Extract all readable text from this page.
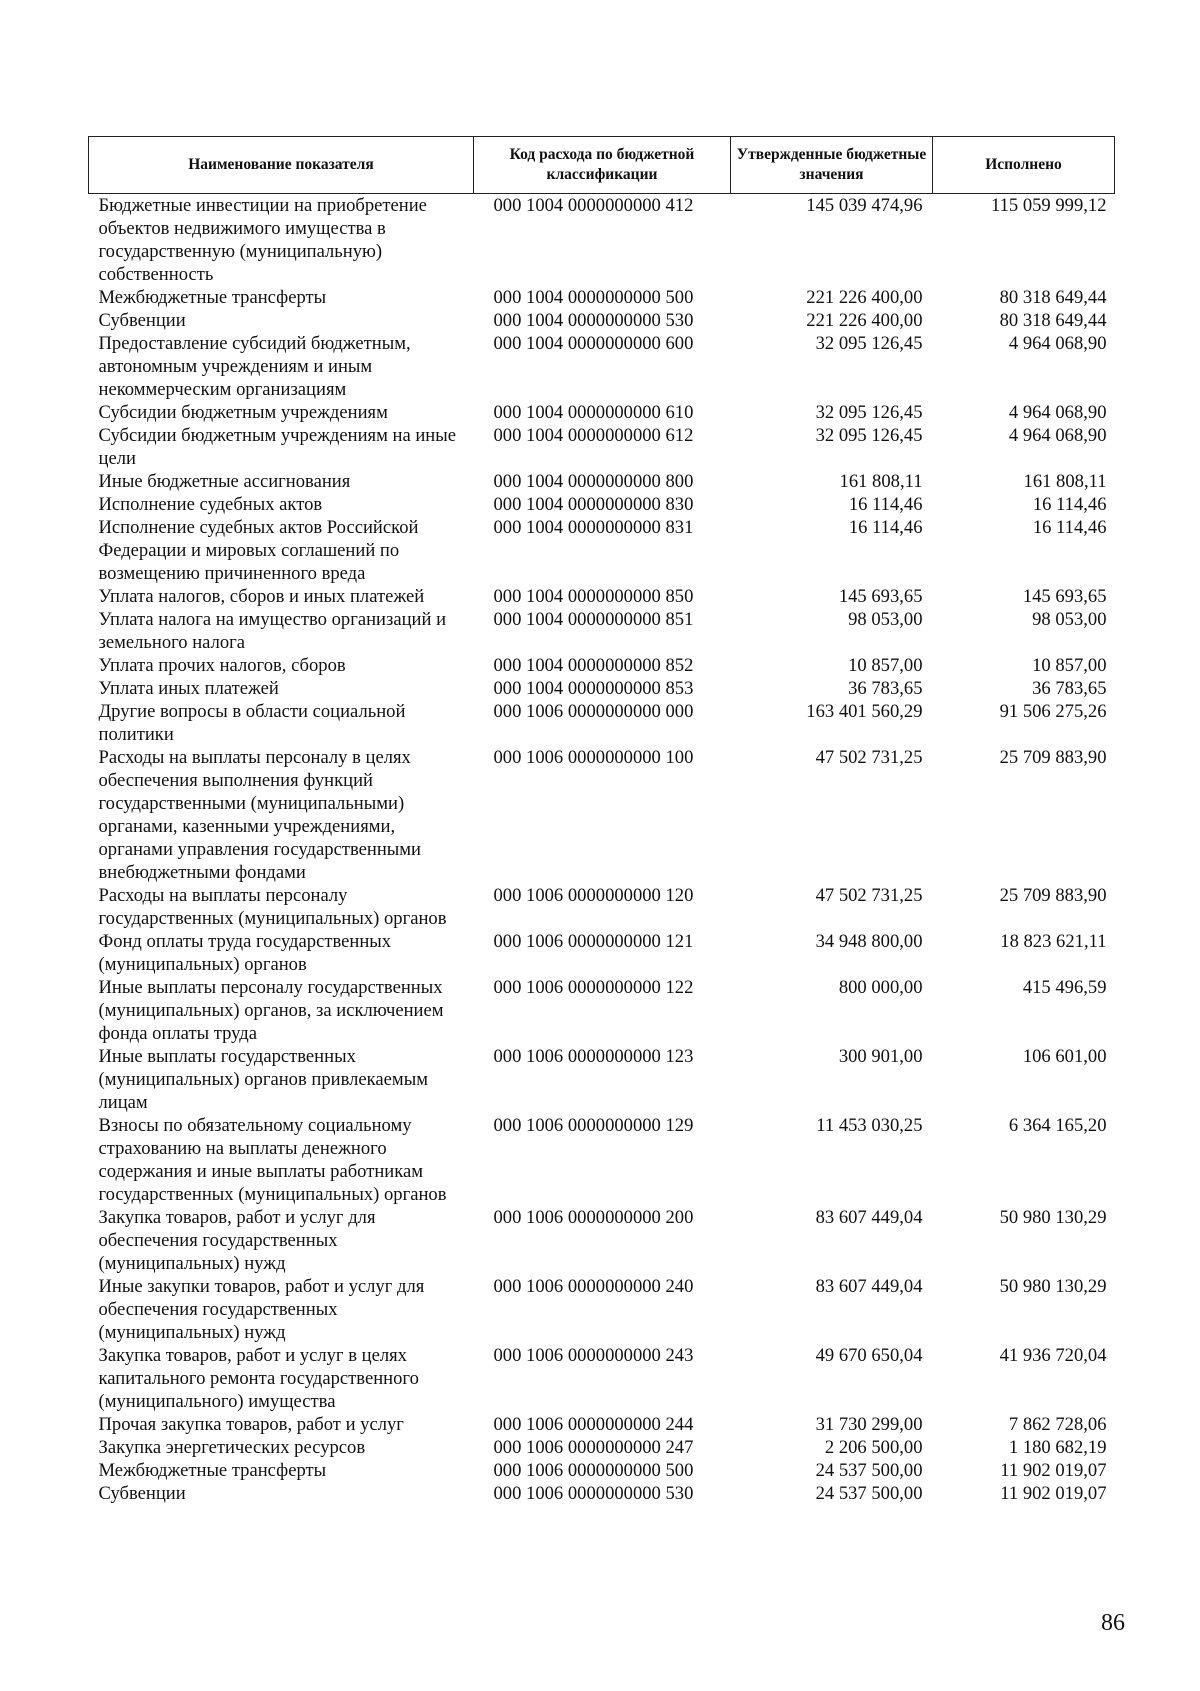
Наименование показателя	Код расхода по бюджетной классификации	Утвержденные бюджетные значения	Исполнено
Бюджетные инвестиции на приобретение объектов недвижимого имущества в государственную (муниципальную) собственность	000 1004 0000000000 412	145 039 474,96	115 059 999,12
Межбюджетные трансферты	000 1004 0000000000 500	221 226 400,00	80 318 649,44
Субвенции	000 1004 0000000000 530	221 226 400,00	80 318 649,44
Предоставление субсидий бюджетным, автономным учреждениям и иным некоммерческим организациям	000 1004 0000000000 600	32 095 126,45	4 964 068,90
Субсидии бюджетным учреждениям	000 1004 0000000000 610	32 095 126,45	4 964 068,90
Субсидии бюджетным учреждениям на иные цели	000 1004 0000000000 612	32 095 126,45	4 964 068,90
Иные бюджетные ассигнования	000 1004 0000000000 800	161 808,11	161 808,11
Исполнение судебных актов	000 1004 0000000000 830	16 114,46	16 114,46
Исполнение судебных актов Российской Федерации и мировых соглашений по возмещению причиненного вреда	000 1004 0000000000 831	16 114,46	16 114,46
Уплата налогов, сборов и иных платежей	000 1004 0000000000 850	145 693,65	145 693,65
Уплата налога на имущество организаций и земельного налога	000 1004 0000000000 851	98 053,00	98 053,00
Уплата прочих налогов, сборов	000 1004 0000000000 852	10 857,00	10 857,00
Уплата иных платежей	000 1004 0000000000 853	36 783,65	36 783,65
Другие вопросы в области социальной политики	000 1006 0000000000 000	163 401 560,29	91 506 275,26
Расходы на выплаты персоналу в целях обеспечения выполнения функций государственными (муниципальными) органами, казенными учреждениями, органами управления государственными внебюджетными фондами	000 1006 0000000000 100	47 502 731,25	25 709 883,90
Расходы на выплаты персоналу государственных (муниципальных) органов	000 1006 0000000000 120	47 502 731,25	25 709 883,90
Фонд оплаты труда государственных (муниципальных) органов	000 1006 0000000000 121	34 948 800,00	18 823 621,11
Иные выплаты персоналу государственных (муниципальных) органов, за исключением фонда оплаты труда	000 1006 0000000000 122	800 000,00	415 496,59
Иные выплаты государственных (муниципальных) органов привлекаемым лицам	000 1006 0000000000 123	300 901,00	106 601,00
Взносы по обязательному социальному страхованию на выплаты денежного содержания и иные выплаты работникам государственных (муниципальных) органов	000 1006 0000000000 129	11 453 030,25	6 364 165,20
Закупка товаров, работ и услуг для обеспечения государственных (муниципальных) нужд	000 1006 0000000000 200	83 607 449,04	50 980 130,29
Иные закупки товаров, работ и услуг для обеспечения государственных (муниципальных) нужд	000 1006 0000000000 240	83 607 449,04	50 980 130,29
Закупка товаров, работ и услуг в целях капитального ремонта государственного (муниципального) имущества	000 1006 0000000000 243	49 670 650,04	41 936 720,04
Прочая закупка товаров, работ и услуг	000 1006 0000000000 244	31 730 299,00	7 862 728,06
Закупка энергетических ресурсов	000 1006 0000000000 247	2 206 500,00	1 180 682,19
Межбюджетные трансферты	000 1006 0000000000 500	24 537 500,00	11 902 019,07
Субвенции	000 1006 0000000000 530	24 537 500,00	11 902 019,07
86
